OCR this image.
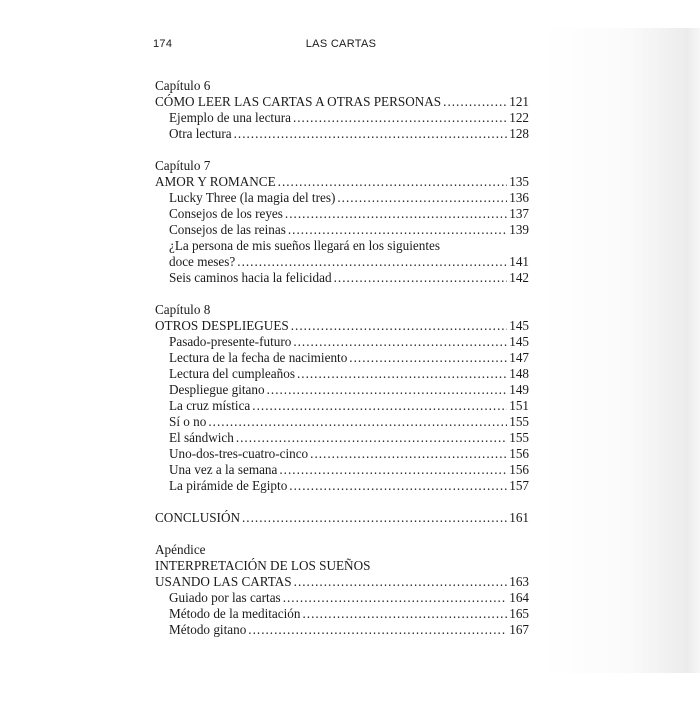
174	LAS CARTAS
Capítulo 6
CÓMO LEER LAS CARTAS A OTRAS PERSONAS .....	121
Ejemplo de una lectura .....	122
Otra lectura .....	128
Capítulo 7
AMOR Y ROMANCE .....	135
Lucky Three (la magia del tres) .....	136
Consejos de los reyes .....	137
Consejos de las reinas .....	139
¿La persona de mis sueños llegará en los siguientes
doce meses? .....	141
Seis caminos hacia la felicidad .....	142
Capítulo 8
OTROS DESPLIEGUES .....	145
Pasado-presente-futuro .....	145
Lectura de la fecha de nacimiento .....	147
Lectura del cumpleaños .....	148
Despliegue gitano .....	149
La cruz mística .....	151
Sí o no .....	155
El sándwich .....	155
Uno-dos-tres-cuatro-cinco .....	156
Una vez a la semana .....	156
La pirámide de Egipto .....	157
CONCLUSIÓN .....	161
Apéndice
INTERPRETACIÓN DE LOS SUEÑOS
USANDO LAS CARTAS .....	163
Guiado por las cartas .....	164
Método de la meditación .....	165
Método gitano .....	167
